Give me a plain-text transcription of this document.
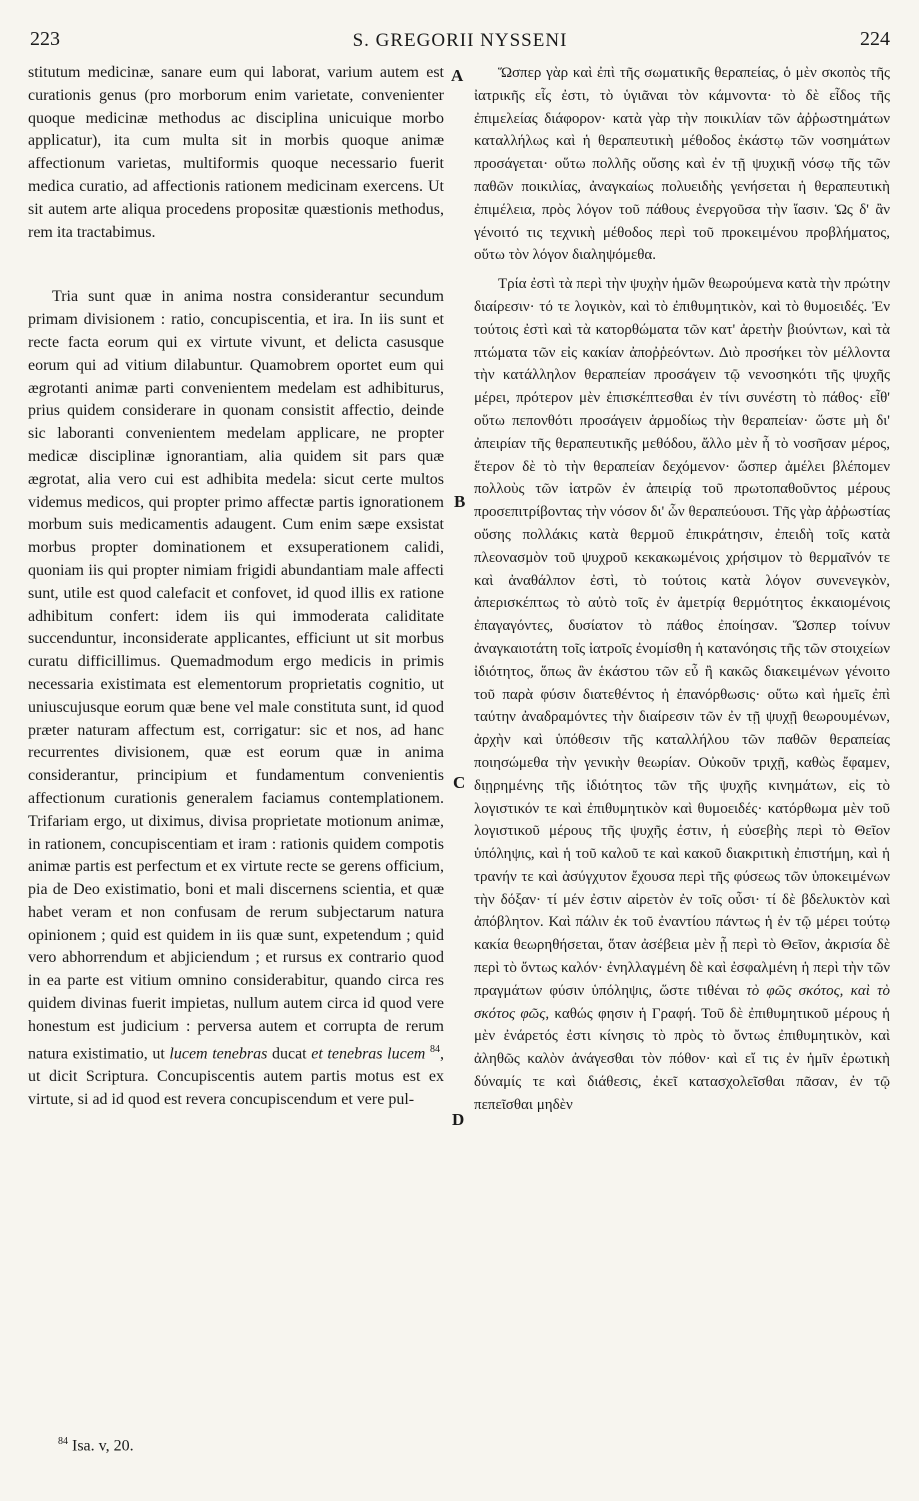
223	S. GREGORII NYSSENI	224

stitutum medicinæ, sanare eum qui laborat, varium autem est curationis genus (pro morborum enim varietate, convenienter quoque medicinæ methodus ac disciplina unicuique morbo applicatur), ita cum multa sit in morbis quoque animæ affectionum varietas, multiformis quoque necessario fuerit medica curatio, ad affectionis rationem medicinam exercens. Ut sit autem arte aliqua procedens propositæ quæstionis methodus, rem ita tractabimus.

Tria sunt quæ in anima nostra considerantur secundum primam divisionem : ratio, concupiscentia, et ira. In iis sunt et recte facta eorum qui ex virtute vivunt, et delicta casusque eorum qui ad vitium dilabuntur. Quamobrem oportet eum qui ægrotanti animæ parti convenientem medelam est adhibiturus, prius quidem considerare in quonam consistit affectio, deinde sic laboranti convenientem medelam applicare, ne propter medicæ disciplinæ ignorantiam, alia quidem sit pars quæ ægrotat, alia vero cui est adhibita medela: sicut certe multos videmus medicos, qui propter primo affectæ partis ignorationem morbum suis medicamentis adaugent. Cum enim sæpe exsistat morbus propter dominationem et exsuperationem calidi, quoniam iis qui propter nimiam frigidi abundantiam male affecti sunt, utile est quod calefacit et confovet, id quod illis ex ratione adhibitum confert: idem iis qui immoderata caliditate succenduntur, inconsiderate applicantes, efficiunt ut sit morbus curatu difficillimus. Quemadmodum ergo medicis in primis necessaria existimata est elementorum proprietatis cognitio, ut uniuscujusque eorum quæ bene vel male constituta sunt, id quod præter naturam affectum est, corrigatur: sic et nos, ad hanc recurrentes divisionem, quæ est eorum quæ in anima considerantur, principium et fundamentum convenientis affectionum curationis generalem faciamus contemplationem. Trifariam ergo, ut diximus, divisa proprietate motionum animæ, in rationem, concupiscentiam et iram : rationis quidem compotis animæ partis est perfectum et ex virtute recte se gerens officium, pia de Deo existimatio, boni et mali discernens scientia, et quæ habet veram et non confusam de rerum subjectarum natura opinionem ; quid est quidem in iis quæ sunt, expetendum ; quid vero abhorrendum et abjiciendum ; et rursus ex contrario quod in ea parte est vitium omnino considerabitur, quando circa res quidem divinas fuerit impietas, nullum autem circa id quod vere honestum est judicium : perversa autem et corrupta de rerum natura existimatio, ut lucem tenebras ducat et tenebras lucem $^{84}$, ut dicit Scriptura. Concupiscentis autem partis motus est ex virtute, si ad id quod est revera concupiscendum et vere pul-

Ὥσπερ γὰρ καὶ ἐπὶ τῆς σωματικῆς θεραπείας, ὁ μὲν σκοπὸς τῆς ἰατρικῆς εἷς ἐστι, τὸ ὑγιᾶναι τὸν κάμνοντα· τὸ δὲ εἶδος τῆς ἐπιμελείας διάφορον· κατὰ γὰρ τὴν ποικιλίαν τῶν ἀῤῥωστημάτων καταλλήλως καὶ ἡ θεραπευτικὴ μέθοδος ἑκάστῳ τῶν νοσημάτων προσάγεται· οὕτω πολλῆς οὔσης καὶ ἐν τῇ ψυχικῇ νόσῳ τῆς τῶν παθῶν ποικιλίας, ἀναγκαίως πολυειδὴς γενήσεται ἡ θεραπευτικὴ ἐπιμέλεια, πρὸς λόγον τοῦ πάθους ἐνεργοῦσα τὴν ἴασιν. Ὡς δ' ἂν γένοιτό τις τεχνικὴ μέθοδος περὶ τοῦ προκειμένου προβλήματος, οὕτω τὸν λόγον διαληψόμεθα.

Τρία ἐστὶ τὰ περὶ τὴν ψυχὴν ἡμῶν θεωρούμενα κατὰ τὴν πρώτην διαίρεσιν· τό τε λογικὸν, καὶ τὸ ἐπιθυμητικὸν, καὶ τὸ θυμοειδές. Ἐν τούτοις ἐστὶ καὶ τὰ κατορθώματα τῶν κατ' ἀρετὴν βιούντων, καὶ τὰ πτώματα τῶν εἰς κακίαν ἀποῤῥεόντων. Διὸ προσήκει τὸν μέλλοντα τὴν κατάλληλον θεραπείαν προσάγειν τῷ νενοσηκότι τῆς ψυχῆς μέρει, πρότερον μὲν ἐπισκέπτεσθαι ἐν τίνι συνέστη τὸ πάθος· εἶθ' οὕτω πεπονθότι προσάγειν ἁρμοδίως τὴν θεραπείαν· ὥστε μὴ δι' ἀπειρίαν τῆς θεραπευτικῆς μεθόδου, ἄλλο μὲν ἦ τὸ νοσῆσαν μέρος, ἕτερον δὲ τὸ τὴν θεραπείαν δεχόμενον· ὥσπερ ἀμέλει βλέπομεν πολλοὺς τῶν ἰατρῶν ἐν ἀπειρίᾳ τοῦ πρωτοπαθοῦντος μέρους προσεπιτρίβοντας τὴν νόσον δι' ὧν θεραπεύουσι. Τῆς γὰρ ἀῤῥωστίας οὔσης πολλάκις κατὰ θερμοῦ ἐπικράτησιν, ἐπειδὴ τοῖς κατὰ πλεονασμὸν τοῦ ψυχροῦ κεκακωμένοις χρήσιμον τὸ θερμαῖνόν τε καὶ ἀναθάλπον ἐστὶ, τὸ τούτοις κατὰ λόγον συνενεγκὸν, ἀπερισκέπτως τὸ αὐτὸ τοῖς ἐν ἀμετρίᾳ θερμότητος ἐκκαιομένοις ἐπαγαγόντες, δυσίατον τὸ πάθος ἐποίησαν. Ὥσπερ τοίνυν ἀναγκαιοτάτη τοῖς ἰατροῖς ἐνομίσθη ἡ κατανόησις τῆς τῶν στοιχείων ἰδιότητος, ὅπως ἂν ἑκάστου τῶν εὖ ἢ κακῶς διακειμένων γένοιτο τοῦ παρὰ φύσιν διατεθέντος ἡ ἐπανόρθωσις· οὕτω καὶ ἡμεῖς ἐπὶ ταύτην ἀναδραμόντες τὴν διαίρεσιν τῶν ἐν τῇ ψυχῇ θεωρουμένων, ἀρχὴν καὶ ὑπόθεσιν τῆς καταλλήλου τῶν παθῶν θεραπείας ποιησώμεθα τὴν γενικὴν θεωρίαν. Οὐκοῦν τριχῇ, καθὼς ἔφαμεν, διῃρημένης τῆς ἰδιότητος τῶν τῆς ψυχῆς κινημάτων, εἰς τὸ λογιστικόν τε καὶ ἐπιθυμητικὸν καὶ θυμοειδές· κατόρθωμα μὲν τοῦ λογιστικοῦ μέρους τῆς ψυχῆς ἐστιν, ἡ εὐσεβὴς περὶ τὸ Θεῖον ὑπόληψις, καὶ ἡ τοῦ καλοῦ τε καὶ κακοῦ διακριτικὴ ἐπιστήμη, καὶ ἡ τρανήν τε καὶ ἀσύγχυτον ἔχουσα περὶ τῆς φύσεως τῶν ὑποκειμένων τὴν δόξαν· τί μέν ἐστιν αἱρετὸν ἐν τοῖς οὖσι· τί δὲ βδελυκτὸν καὶ ἀπόβλητον. Καὶ πάλιν ἐκ τοῦ ἐναντίου πάντως ἡ ἐν τῷ μέρει τούτῳ κακία θεωρηθήσεται, ὅταν ἀσέβεια μὲν ᾖ περὶ τὸ Θεῖον, ἀκρισία δὲ περὶ τὸ ὄντως καλόν· ἐνηλλαγμένη δὲ καὶ ἐσφαλμένη ἡ περὶ τὴν τῶν πραγμάτων φύσιν ὑπόληψις, ὥστε τιθέναι τὸ φῶς σκότος, καὶ τὸ σκότος φῶς, καθώς φησιν ἡ Γραφή. Τοῦ δὲ ἐπιθυμητικοῦ μέρους ἡ μὲν ἐνάρετός ἐστι κίνησις τὸ πρὸς τὸ ὄντως ἐπιθυμητικὸν, καὶ ἀληθῶς καλὸν ἀνάγεσθαι τὸν πόθον· καὶ εἴ τις ἐν ἡμῖν ἐρωτικὴ δύναμίς τε καὶ διάθεσις, ἐκεῖ κατασχολεῖσθαι πᾶσαν, ἐν τῷ πεπεῖσθαι μηδὲν

A
B
C
D
$^{84}$ Isa. v, 20.
